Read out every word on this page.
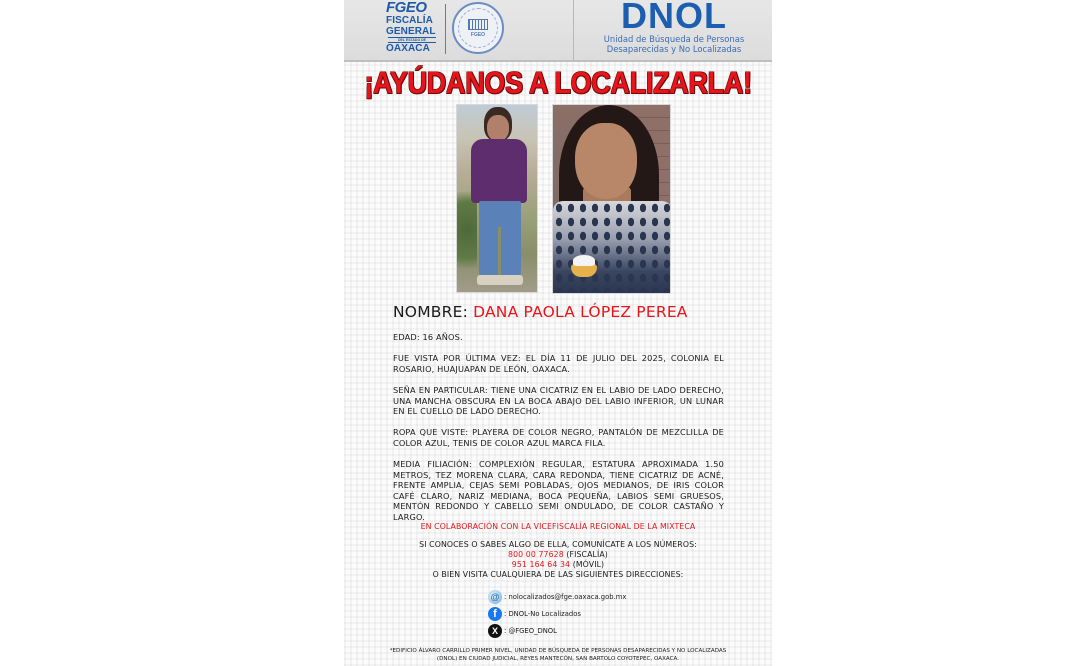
FGEO
FISCALÍA
GENERAL
DEL ESTADO DE
OAXACA
FGEO	DNOL
Unidad de Búsqueda de Personas
Desaparecidas y No Localizadas
¡AYÚDANOS A LOCALIZARLA!
NOMBRE: DANA PAOLA LÓPEZ PEREA
EDAD: 16 AÑOS.
FUE VISTA POR ÚLTIMA VEZ: EL DÍA 11 DE JULIO DEL 2025, COLONIA EL ROSARIO, HUAJUAPAN DE LEÓN, OAXACA.
SEÑA EN PARTICULAR: TIENE UNA CICATRIZ EN EL LABIO DE LADO DERECHO, UNA MANCHA OBSCURA EN LA BOCA ABAJO DEL LABIO INFERIOR, UN LUNAR EN EL CUELLO DE LADO DERECHO.
ROPA QUE VISTE: PLAYERA DE COLOR NEGRO, PANTALÓN DE MEZCLILLA DE COLOR AZUL, TENIS DE COLOR AZUL MARCA FILA.
MEDIA FILIACIÓN: COMPLEXIÓN REGULAR, ESTATURA APROXIMADA 1.50 METROS, TEZ MORENA CLARA, CARA REDONDA, TIENE CICATRIZ DE ACNÉ, FRENTE AMPLIA, CEJAS SEMI POBLADAS, OJOS MEDIANOS, DE IRIS COLOR CAFÉ CLARO, NARIZ MEDIANA, BOCA PEQUEÑA, LABIOS SEMI GRUESOS, MENTÓN REDONDO Y CABELLO SEMI ONDULADO, DE COLOR CASTAÑO Y LARGO.
EN COLABORACIÓN CON LA VICEFISCALÍA REGIONAL DE LA MIXTECA
SI CONOCES O SABES ALGO DE ELLA, COMUNÍCATE A LOS NÚMEROS:
800 00 77628 (FISCALÍA)
951 164 64 34 (MÓVIL)
O BIEN VISITA CUALQUIERA DE LAS SIGUIENTES DIRECCIONES:
@ : nolocalizados@fge.oaxaca.gob.mx
f	: DNOL-No Localizados
X : @FGEO_DNOL
*EDIFICIO ÁLVARO CARRILLO PRIMER NIVEL, UNIDAD DE BÚSQUEDA DE PERSONAS DESAPARECIDAS Y NO LOCALIZADAS (DNOL) EN CIUDAD JUDICIAL, REYES MANTECÓN, SAN BARTOLO COYOTEPEC, OAXACA.
